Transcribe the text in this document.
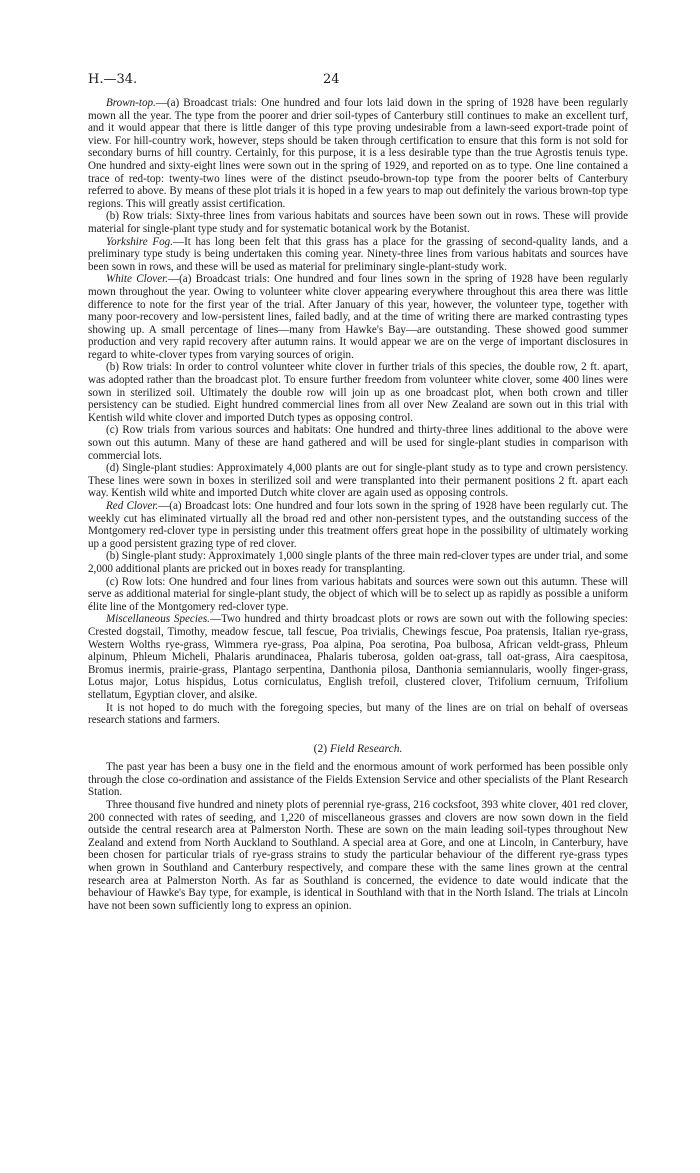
H.—34.	24

Brown-top.—(a) Broadcast trials: One hundred and four lots laid down in the spring of 1928 have been regularly mown all the year. The type from the poorer and drier soil-types of Canterbury still continues to make an excellent turf, and it would appear that there is little danger of this type proving undesirable from a lawn-seed export-trade point of view. For hill-country work, however, steps should be taken through certification to ensure that this form is not sold for secondary burns of hill country. Certainly, for this purpose, it is a less desirable type than the true Agrostis tenuis type. One hundred and sixty-eight lines were sown out in the spring of 1929, and reported on as to type. One line contained a trace of red-top: twenty-two lines were of the distinct pseudo-brown-top type from the poorer belts of Canterbury referred to above. By means of these plot trials it is hoped in a few years to map out definitely the various brown-top type regions. This will greatly assist certification.

(b) Row trials: Sixty-three lines from various habitats and sources have been sown out in rows. These will provide material for single-plant type study and for systematic botanical work by the Botanist.

Yorkshire Fog.—It has long been felt that this grass has a place for the grassing of second-quality lands, and a preliminary type study is being undertaken this coming year. Ninety-three lines from various habitats and sources have been sown in rows, and these will be used as material for preliminary single-plant-study work.

White Clover.—(a) Broadcast trials: One hundred and four lines sown in the spring of 1928 have been regularly mown throughout the year. Owing to volunteer white clover appearing everywhere throughout this area there was little difference to note for the first year of the trial. After January of this year, however, the volunteer type, together with many poor-recovery and low-persistent lines, failed badly, and at the time of writing there are marked contrasting types showing up. A small percentage of lines—many from Hawke's Bay—are outstanding. These showed good summer production and very rapid recovery after autumn rains. It would appear we are on the verge of important disclosures in regard to white-clover types from varying sources of origin.

(b) Row trials: In order to control volunteer white clover in further trials of this species, the double row, 2 ft. apart, was adopted rather than the broadcast plot. To ensure further freedom from volunteer white clover, some 400 lines were sown in sterilized soil. Ultimately the double row will join up as one broadcast plot, when both crown and tiller persistency can be studied. Eight hundred commercial lines from all over New Zealand are sown out in this trial with Kentish wild white clover and imported Dutch types as opposing control.

(c) Row trials from various sources and habitats: One hundred and thirty-three lines additional to the above were sown out this autumn. Many of these are hand gathered and will be used for single-plant studies in comparison with commercial lots.

(d) Single-plant studies: Approximately 4,000 plants are out for single-plant study as to type and crown persistency. These lines were sown in boxes in sterilized soil and were transplanted into their permanent positions 2 ft. apart each way. Kentish wild white and imported Dutch white clover are again used as opposing controls.

Red Clover.—(a) Broadcast lots: One hundred and four lots sown in the spring of 1928 have been regularly cut. The weekly cut has eliminated virtually all the broad red and other non-persistent types, and the outstanding success of the Montgomery red-clover type in persisting under this treatment offers great hope in the possibility of ultimately working up a good persistent grazing type of red clover.

(b) Single-plant study: Approximately 1,000 single plants of the three main red-clover types are under trial, and some 2,000 additional plants are pricked out in boxes ready for transplanting.

(c) Row lots: One hundred and four lines from various habitats and sources were sown out this autumn. These will serve as additional material for single-plant study, the object of which will be to select up as rapidly as possible a uniform élite line of the Montgomery red-clover type.

Miscellaneous Species.—Two hundred and thirty broadcast plots or rows are sown out with the following species: Crested dogstail, Timothy, meadow fescue, tall fescue, Poa trivialis, Chewings fescue, Poa pratensis, Italian rye-grass, Western Wolths rye-grass, Wimmera rye-grass, Poa alpina, Poa serotina, Poa bulbosa, African veldt-grass, Phleum alpinum, Phleum Micheli, Phalaris arundinacea, Phalaris tuberosa, golden oat-grass, tall oat-grass, Aira caespitosa, Bromus inermis, prairie-grass, Plantago serpentina, Danthonia pilosa, Danthonia semiannularis, woolly finger-grass, Lotus major, Lotus hispidus, Lotus corniculatus, English trefoil, clustered clover, Trifolium cernuum, Trifolium stellatum, Egyptian clover, and alsike.

It is not hoped to do much with the foregoing species, but many of the lines are on trial on behalf of overseas research stations and farmers.

(2) Field Research.

The past year has been a busy one in the field and the enormous amount of work performed has been possible only through the close co-ordination and assistance of the Fields Extension Service and other specialists of the Plant Research Station.

Three thousand five hundred and ninety plots of perennial rye-grass, 216 cocksfoot, 393 white clover, 401 red clover, 200 connected with rates of seeding, and 1,220 of miscellaneous grasses and clovers are now sown down in the field outside the central research area at Palmerston North. These are sown on the main leading soil-types throughout New Zealand and extend from North Auckland to Southland. A special area at Gore, and one at Lincoln, in Canterbury, have been chosen for particular trials of rye-grass strains to study the particular behaviour of the different rye-grass types when grown in Southland and Canterbury respectively, and compare these with the same lines grown at the central research area at Palmerston North. As far as Southland is concerned, the evidence to date would indicate that the behaviour of Hawke's Bay type, for example, is identical in Southland with that in the North Island. The trials at Lincoln have not been sown sufficiently long to express an opinion.
